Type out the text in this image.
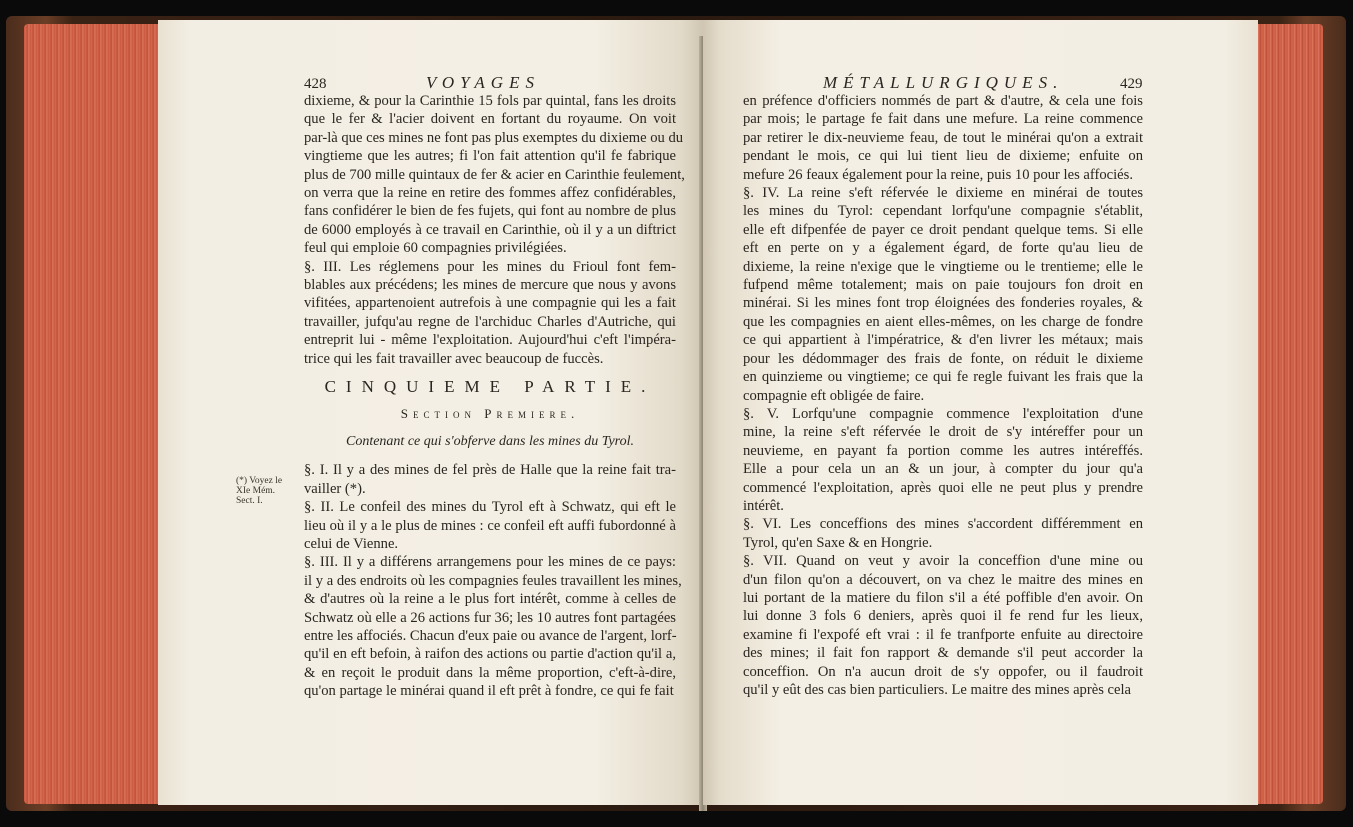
428	VOYAGES

dixieme, & pour la Carinthie 15 fols par quintal, fans les droits
que le fer & l'acier doivent en fortant du royaume. On voit
par-là que ces mines ne font pas plus exemptes du dixieme ou du
vingtieme que les autres; fi l'on fait attention qu'il fe fabrique
plus de 700 mille quintaux de fer & acier en Carinthie feulement,
on verra que la reine en retire des fommes affez confidérables,
fans confidérer le bien de fes fujets, qui font au nombre de plus
de 6000 employés à ce travail en Carinthie, où il y a un diftrict
feul qui emploie 60 compagnies privilégiées.

§. III. Les réglemens pour les mines du Frioul font fem-
blables aux précédens; les mines de mercure que nous y avons
vifitées, appartenoient autrefois à une compagnie qui les a fait
travailler, jufqu'au regne de l'archiduc Charles d'Autriche, qui
entreprit lui - même l'exploitation. Aujourd'hui c'eft l'impéra-
trice qui les fait travailler avec beaucoup de fuccès.

CINQUIEME PARTIE.
Section Premiere.
Contenant ce qui s'obferve dans les mines du Tyrol.

§. I. Il y a des mines de fel près de Halle que la reine fait tra-
vailler (*).

§. II. Le confeil des mines du Tyrol eft à Schwatz, qui eft le
lieu où il y a le plus de mines : ce confeil eft auffi fubordonné à
celui de Vienne.

§. III. Il y a différens arrangemens pour les mines de ce pays:
il y a des endroits où les compagnies feules travaillent les mines,
& d'autres où la reine a le plus fort intérêt, comme à celles de
Schwatz où elle a 26 actions fur 36; les 10 autres font partagées
entre les affociés. Chacun d'eux paie ou avance de l'argent, lorf-
qu'il en eft befoin, à raifon des actions ou partie d'action qu'il a,
& en reçoit le produit dans la même proportion, c'eft-à-dire,
qu'on partage le minérai quand il eft prêt à fondre, ce qui fe fait

(*) Voyez le
XIe Mém.
Sect. I.
MÉTALLURGIQUES.	429

en préfence d'officiers nommés de part & d'autre, & cela une fois
par mois; le partage fe fait dans une mefure. La reine commence
par retirer le dix-neuvieme feau, de tout le minérai qu'on a extrait
pendant le mois, ce qui lui tient lieu de dixieme; enfuite on
mefure 26 feaux également pour la reine, puis 10 pour les affociés.

§. IV. La reine s'eft réfervée le dixieme en minérai de toutes
les mines du Tyrol: cependant lorfqu'une compagnie s'établit,
elle eft difpenfée de payer ce droit pendant quelque tems. Si elle
eft en perte on y a également égard, de forte qu'au lieu de
dixieme, la reine n'exige que le vingtieme ou le trentieme; elle le
fufpend même totalement; mais on paie toujours fon droit en
minérai. Si les mines font trop éloignées des fonderies royales, &
que les compagnies en aient elles-mêmes, on les charge de fondre
ce qui appartient à l'impératrice, & d'en livrer les métaux; mais
pour les dédommager des frais de fonte, on réduit le dixieme
en quinzieme ou vingtieme; ce qui fe regle fuivant les frais que la
compagnie eft obligée de faire.

§. V. Lorfqu'une compagnie commence l'exploitation d'une
mine, la reine s'eft réfervée le droit de s'y intéreffer pour un
neuvieme, en payant fa portion comme les autres intéreffés.
Elle a pour cela un an & un jour, à compter du jour qu'a
commencé l'exploitation, après quoi elle ne peut plus y prendre
intérêt.

§. VI. Les conceffions des mines s'accordent différemment en
Tyrol, qu'en Saxe & en Hongrie.

§. VII. Quand on veut y avoir la conceffion d'une mine ou
d'un filon qu'on a découvert, on va chez le maitre des mines en
lui portant de la matiere du filon s'il a été poffible d'en avoir. On
lui donne 3 fols 6 deniers, après quoi il fe rend fur les lieux,
examine fi l'expofé eft vrai : il fe tranfporte enfuite au directoire
des mines; il fait fon rapport & demande s'il peut accorder la
conceffion. On n'a aucun droit de s'y oppofer, ou il faudroit
qu'il y eût des cas bien particuliers. Le maitre des mines après cela
